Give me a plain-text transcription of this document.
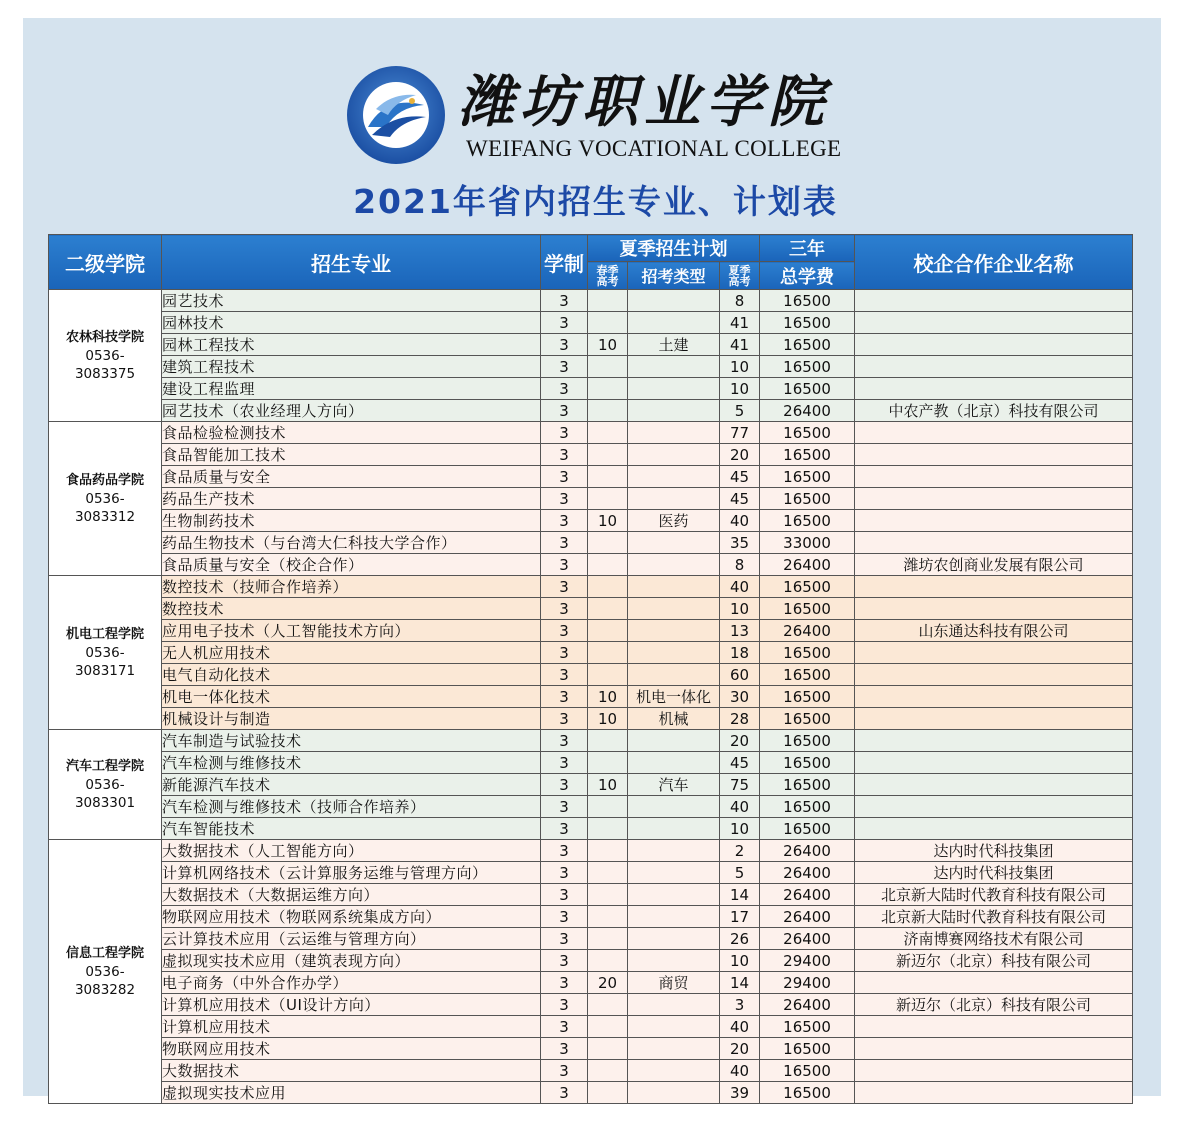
潍坊职业学院
WEIFANG VOCATIONAL COLLEGE
2021年省内招生专业、计划表
二级学院	招生专业	学制	夏季招生计划			三年	校企合作企业名称

			春季高考	招考类型	夏季高考	总学费	

农林科技学院
0536-
3083375	园艺技术	3			8	16500	
	园林技术	3			41	16500	
	园林工程技术	3	10	土建	41	16500	
	建筑工程技术	3			10	16500	
	建设工程监理	3			10	16500	
	园艺技术（农业经理人方向）	3			5	26400	中农产教（北京）科技有限公司

食品药品学院
0536-
3083312	食品检验检测技术	3			77	16500	
	食品智能加工技术	3			20	16500	
	食品质量与安全	3			45	16500	
	药品生产技术	3			45	16500	
	生物制药技术	3	10	医药	40	16500	
	药品生物技术（与台湾大仁科技大学合作）	3			35	33000	
	食品质量与安全（校企合作）	3			8	26400	潍坊农创商业发展有限公司

机电工程学院
0536-
3083171	数控技术（技师合作培养）	3			40	16500	
	数控技术	3			10	16500	
	应用电子技术（人工智能技术方向）	3			13	26400	山东通达科技有限公司
	无人机应用技术	3			18	16500	
	电气自动化技术	3			60	16500	
	机电一体化技术	3	10	机电一体化	30	16500	
	机械设计与制造	3	10	机械	28	16500	

汽车工程学院
0536-
3083301	汽车制造与试验技术	3			20	16500	
	汽车检测与维修技术	3			45	16500	
	新能源汽车技术	3	10	汽车	75	16500	
	汽车检测与维修技术（技师合作培养）	3			40	16500	
	汽车智能技术	3			10	16500	

信息工程学院
0536-
3083282	大数据技术（人工智能方向）	3			2	26400	达内时代科技集团
	计算机网络技术（云计算服务运维与管理方向）	3			5	26400	达内时代科技集团
	大数据技术（大数据运维方向）	3			14	26400	北京新大陆时代教育科技有限公司
	物联网应用技术（物联网系统集成方向）	3			17	26400	北京新大陆时代教育科技有限公司
	云计算技术应用（云运维与管理方向）	3			26	26400	济南博赛网络技术有限公司
	虚拟现实技术应用（建筑表现方向）	3			10	29400	新迈尔（北京）科技有限公司
	电子商务（中外合作办学）	3	20	商贸	14	29400	
	计算机应用技术（UI设计方向）	3			3	26400	新迈尔（北京）科技有限公司
	计算机应用技术	3			40	16500	
	物联网应用技术	3			20	16500	
	大数据技术	3			40	16500	
	虚拟现实技术应用	3			39	16500	
